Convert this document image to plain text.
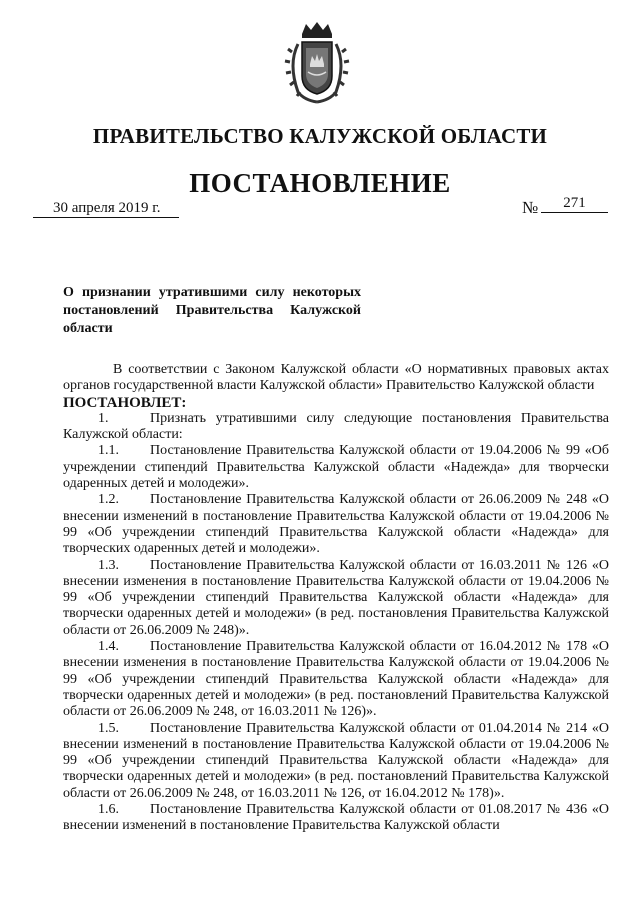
ПРАВИТЕЛЬСТВО КАЛУЖСКОЙ ОБЛАСТИ
ПОСТАНОВЛЕНИЕ
30 апреля 2019 г.	№	271
О признании утратившими силу некоторых постановлений Правительства Калужской области

В соответствии с Законом Калужской области «О нормативных правовых актах органов государственной власти Калужской области» Правительство Калужской области

ПОСТАНОВЛЕТ:

1.	Признать утратившими силу следующие постановления Правительства Калужской области:

1.1. Постановление Правительства Калужской области от 19.04.2006 № 99 «Об учреждении стипендий Правительства Калужской области «Надежда» для творчески одаренных детей и молодежи».

1.2. Постановление Правительства Калужской области от 26.06.2009 № 248 «О внесении изменений в постановление Правительства Калужской области от 19.04.2006 № 99 «Об учреждении стипендий Правительства Калужской области «Надежда» для творческих одаренных детей и молодежи».

1.3. Постановление Правительства Калужской области от 16.03.2011 № 126 «О внесении изменения в постановление Правительства Калужской области от 19.04.2006 № 99 «Об учреждении стипендий Правительства Калужской области «Надежда» для творчески одаренных детей и молодежи» (в ред. постановления Правительства Калужской области от 26.06.2009 № 248)».

1.4. Постановление Правительства Калужской области от 16.04.2012 № 178 «О внесении изменения в постановление Правительства Калужской области от 19.04.2006 № 99 «Об учреждении стипендий Правительства Калужской области «Надежда» для творчески одаренных детей и молодежи» (в ред. постановлений Правительства Калужской области от 26.06.2009 № 248, от 16.03.2011 № 126)».

1.5. Постановление Правительства Калужской области от 01.04.2014 № 214 «О внесении изменений в постановление Правительства Калужской области от 19.04.2006 № 99 «Об учреждении стипендий Правительства Калужской области «Надежда» для творчески одаренных детей и молодежи» (в ред. постановлений Правительства Калужской области от 26.06.2009 № 248, от 16.03.2011 № 126, от 16.04.2012 № 178)».

1.6. Постановление Правительства Калужской области от 01.08.2017 № 436 «О внесении изменений в постановление Правительства Калужской области
